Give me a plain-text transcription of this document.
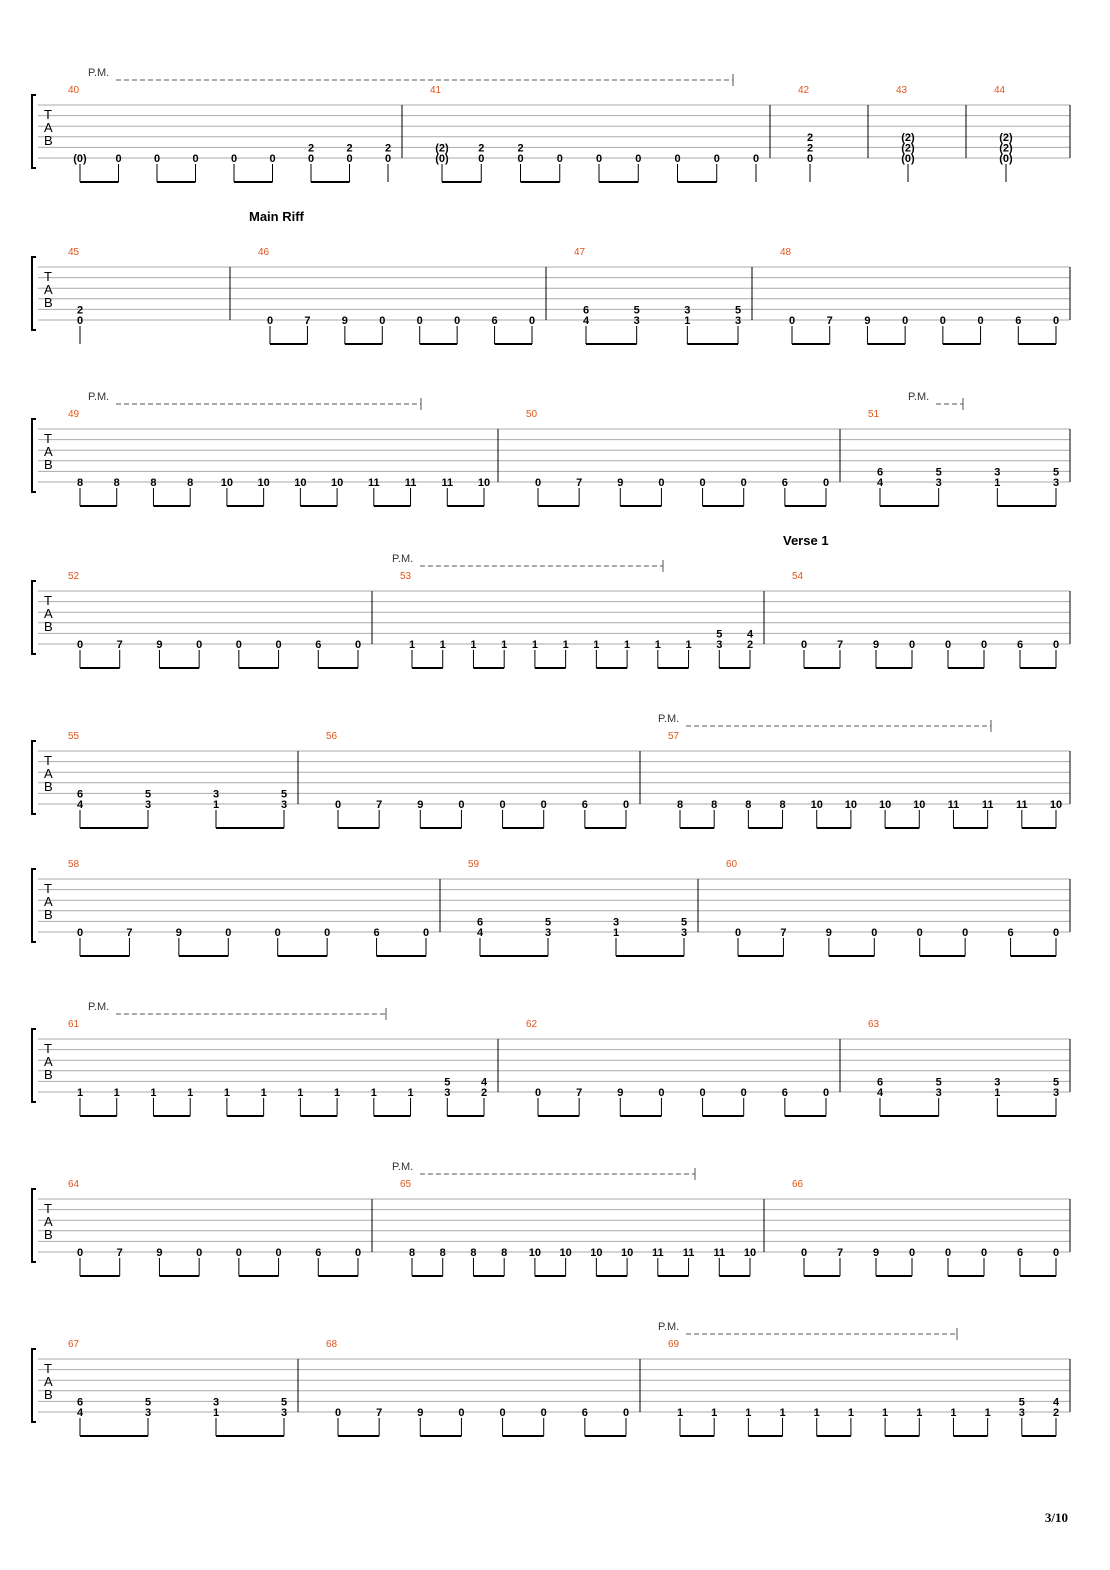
T
A
B
P.M.
40
(0)	0	0	0	0	0
2
0
2
0
2
0
41
(2)
(0)
2
0
2
0	0	0	0	0	0	0
42
2
2
0
43
(2)
(2)
(0)
44
(2)
(2)
(0)
T
A
B
Main Riff
45
2
0
46
0	7	9	0	0	0	6	0
47
6
4
5
3
3
1
5
3
48
0	7	9	0	0	0	6	0
T
A
B
P.M.	P.M.
49
8	8	8	8	10 10 10 10 11 11 11 10
50
0	7	9	0	0	0	6	0
51
6
4
5
3
3
1
5
3
T
A
B
Verse 1
P.M.
52
0	7	9	0	0	0	6	0
53
1 1 1 1 1 1 1 1 1 1
5
3
4
2
54
0	7	9	0	0	0	6	0
T
A
B
P.M.
55
6
4
5
3
3
1
5
3
56
0	7	9	0	0	0	6	0
57
8	8	8	8 10 10 10 10 11 11 11 10
T
A
B
58
0	7	9	0	0	0	6	0
59
6
4
5
3
3
1
5
3
60
0	7	9	0	0	0	6	0
T
A
B
P.M.
61
1	1	1	1	1	1	1	1	1	1
5
3
4
2
62
0	7	9	0	0	0	6	0
63
6
4
5
3
3
1
5
3
T
A
B
P.M.
64
0	7	9	0	0	0	6	0
65
8 8 8 8 10 10 10 10 11 11 11 10
66
0	7	9	0	0	0	6	0
T
A
B
P.M.
67
6
4
5
3
3
1
5
3
68
0	7	9	0	0	0	6	0
69
1	1	1	1	1	1	1	1	1	1
5
3
4
2
3/10
